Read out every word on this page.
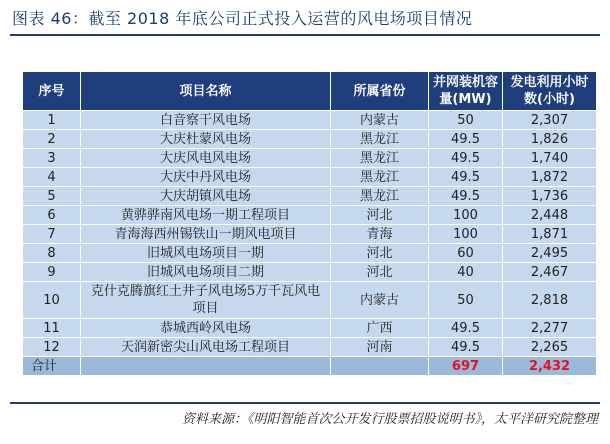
图表 46：截至 2018 年底公司正式投入运营的风电场项目情况
序号	项目名称	所属省份	并网装机容量(MW)	发电利用小时数(小时)
1	白音察干风电场	内蒙古	50	2,307
2	大庆杜蒙风电场	黑龙江	49.5	1,826
3	大庆风电风电场	黑龙江	49.5	1,740
4	大庆中丹风电场	黑龙江	49.5	1,872
5	大庆胡镇风电场	黑龙江	49.5	1,736
6	黄骅骅南风电场一期工程项目	河北	100	2,448
7	青海海西州锡铁山一期风电项目	青海	100	1,871
8	旧城风电场项目一期	河北	60	2,495
9	旧城风电场项目二期	河北	40	2,467
10	克什克腾旗红土井子风电场5万千瓦风电项目	内蒙古	50	2,818
11	恭城西岭风电场	广西	49.5	2,277
12	天润新密尖山风电场工程项目	河南	49.5	2,265
合计			697	2,432
资料来源：《明阳智能首次公开发行股票招股说明书》，太平洋研究院整理
